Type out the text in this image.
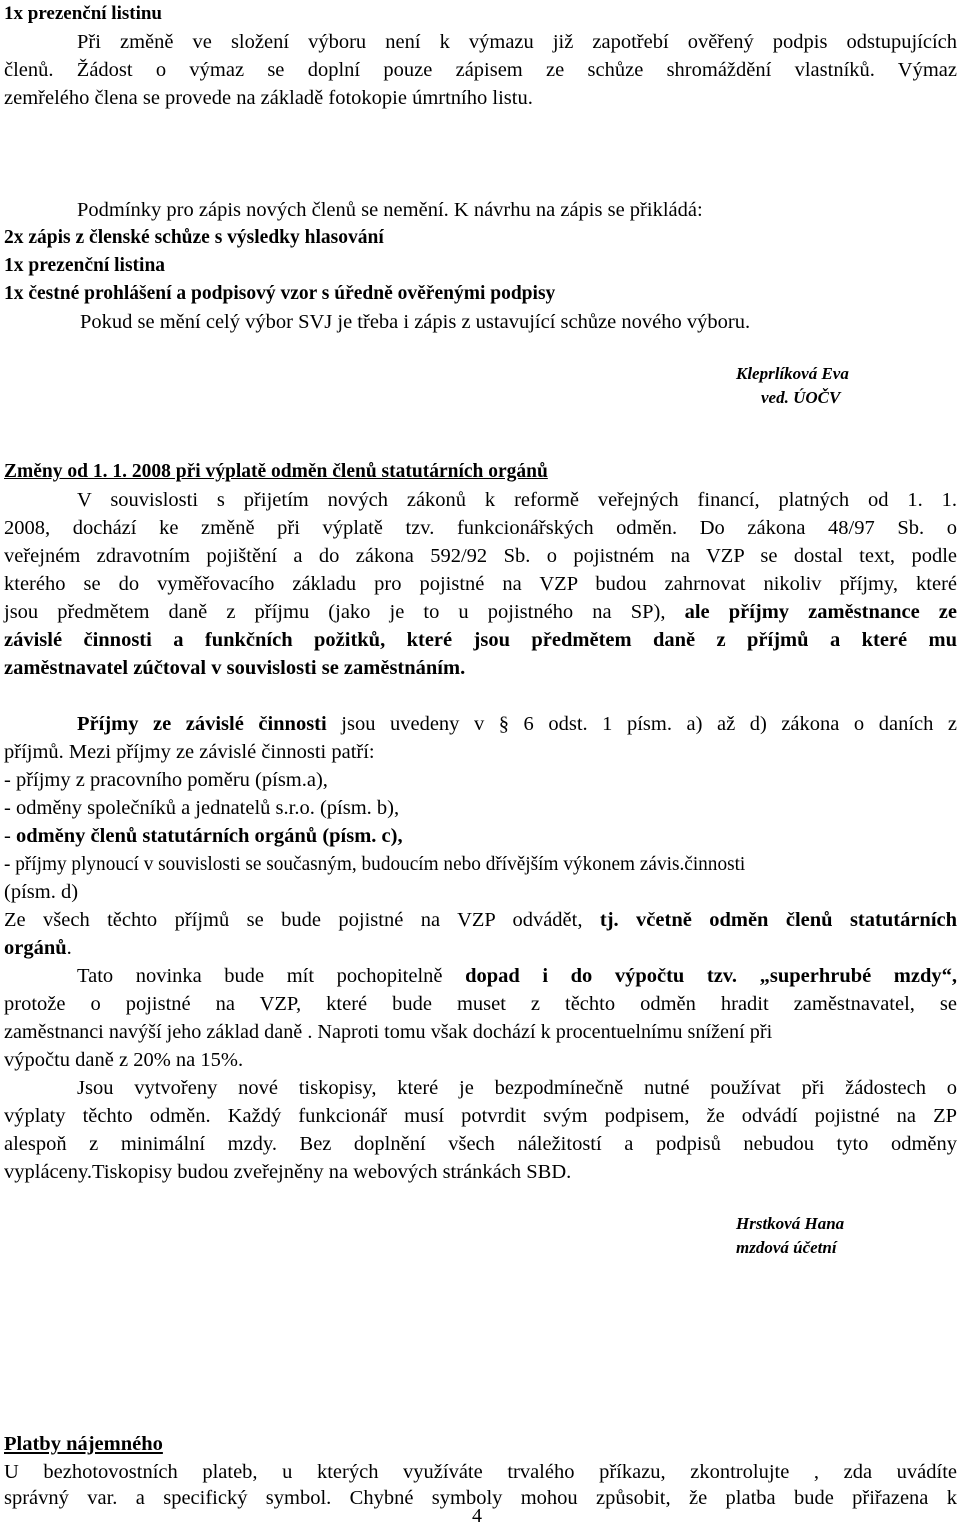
1x prezenční listinu
Při změně ve složení výboru není k výmazu již zapotřebí ověřený podpis odstupujících
členů. Žádost o výmaz se doplní pouze zápisem ze schůze shromáždění vlastníků. Výmaz
zemřelého člena se provede na základě fotokopie úmrtního listu.
Podmínky pro zápis nových členů se nemění. K návrhu na zápis se přikládá:
2x zápis z členské schůze s výsledky hlasování
1x prezenční listina
1x čestné prohlášení a podpisový vzor s úředně ověřenými podpisy
Pokud se mění celý výbor SVJ je třeba i zápis z ustavující schůze nového výboru.
Kleprlíková Eva
ved. ÚOČV
Změny od 1. 1. 2008 při výplatě odměn členů statutárních orgánů
V souvislosti s přijetím nových zákonů k reformě veřejných financí, platných od 1. 1.
2008, dochází ke změně při výplatě tzv. funkcionářských odměn. Do zákona 48/97 Sb. o
veřejném zdravotním pojištění a do zákona 592/92 Sb. o pojistném na VZP se dostal text, podle
kterého se do vyměřovacího základu pro pojistné na VZP budou zahrnovat nikoliv příjmy, které
jsou předmětem daně z příjmu (jako je to u pojistného na SP), ale příjmy zaměstnance ze
závislé činnosti a funkčních požitků, které jsou předmětem daně z příjmů a které mu
zaměstnavatel zúčtoval v souvislosti se zaměstnáním.
Příjmy ze závislé činnosti jsou uvedeny v § 6 odst. 1 písm. a) až d) zákona o daních z
příjmů. Mezi příjmy ze závislé činnosti patří:
- příjmy z pracovního poměru (písm.a),
- odměny společníků a jednatelů s.r.o. (písm. b),
- odměny členů statutárních orgánů (písm. c),
- příjmy plynoucí v souvislosti se současným, budoucím nebo dřívějším výkonem závis.činnosti
(písm. d)
Ze všech těchto příjmů se bude pojistné na VZP odvádět, tj. včetně odměn členů statutárních
orgánů.
Tato novinka bude mít pochopitelně dopad i do výpočtu tzv. „superhrubé mzdy“,
protože o pojistné na VZP, které bude muset z těchto odměn hradit zaměstnavatel, se
zaměstnanci navýší jeho základ daně . Naproti tomu však dochází k procentuelnímu snížení při
výpočtu daně z 20% na 15%.
Jsou vytvořeny nové tiskopisy, které je bezpodmínečně nutné používat při žádostech o
výplaty těchto odměn. Každý funkcionář musí potvrdit svým podpisem, že odvádí pojistné na ZP
alespoň z minimální mzdy. Bez doplnění všech náležitostí a podpisů nebudou tyto odměny
vypláceny.Tiskopisy budou zveřejněny na webových stránkách SBD.
Hrstková Hana
mzdová účetní
Platby nájemného
U bezhotovostních plateb, u kterých využíváte trvalého příkazu, zkontrolujte , zda uvádíte
správný var. a specifický symbol. Chybné symboly mohou způsobit, že platba bude přiřazena k
4
